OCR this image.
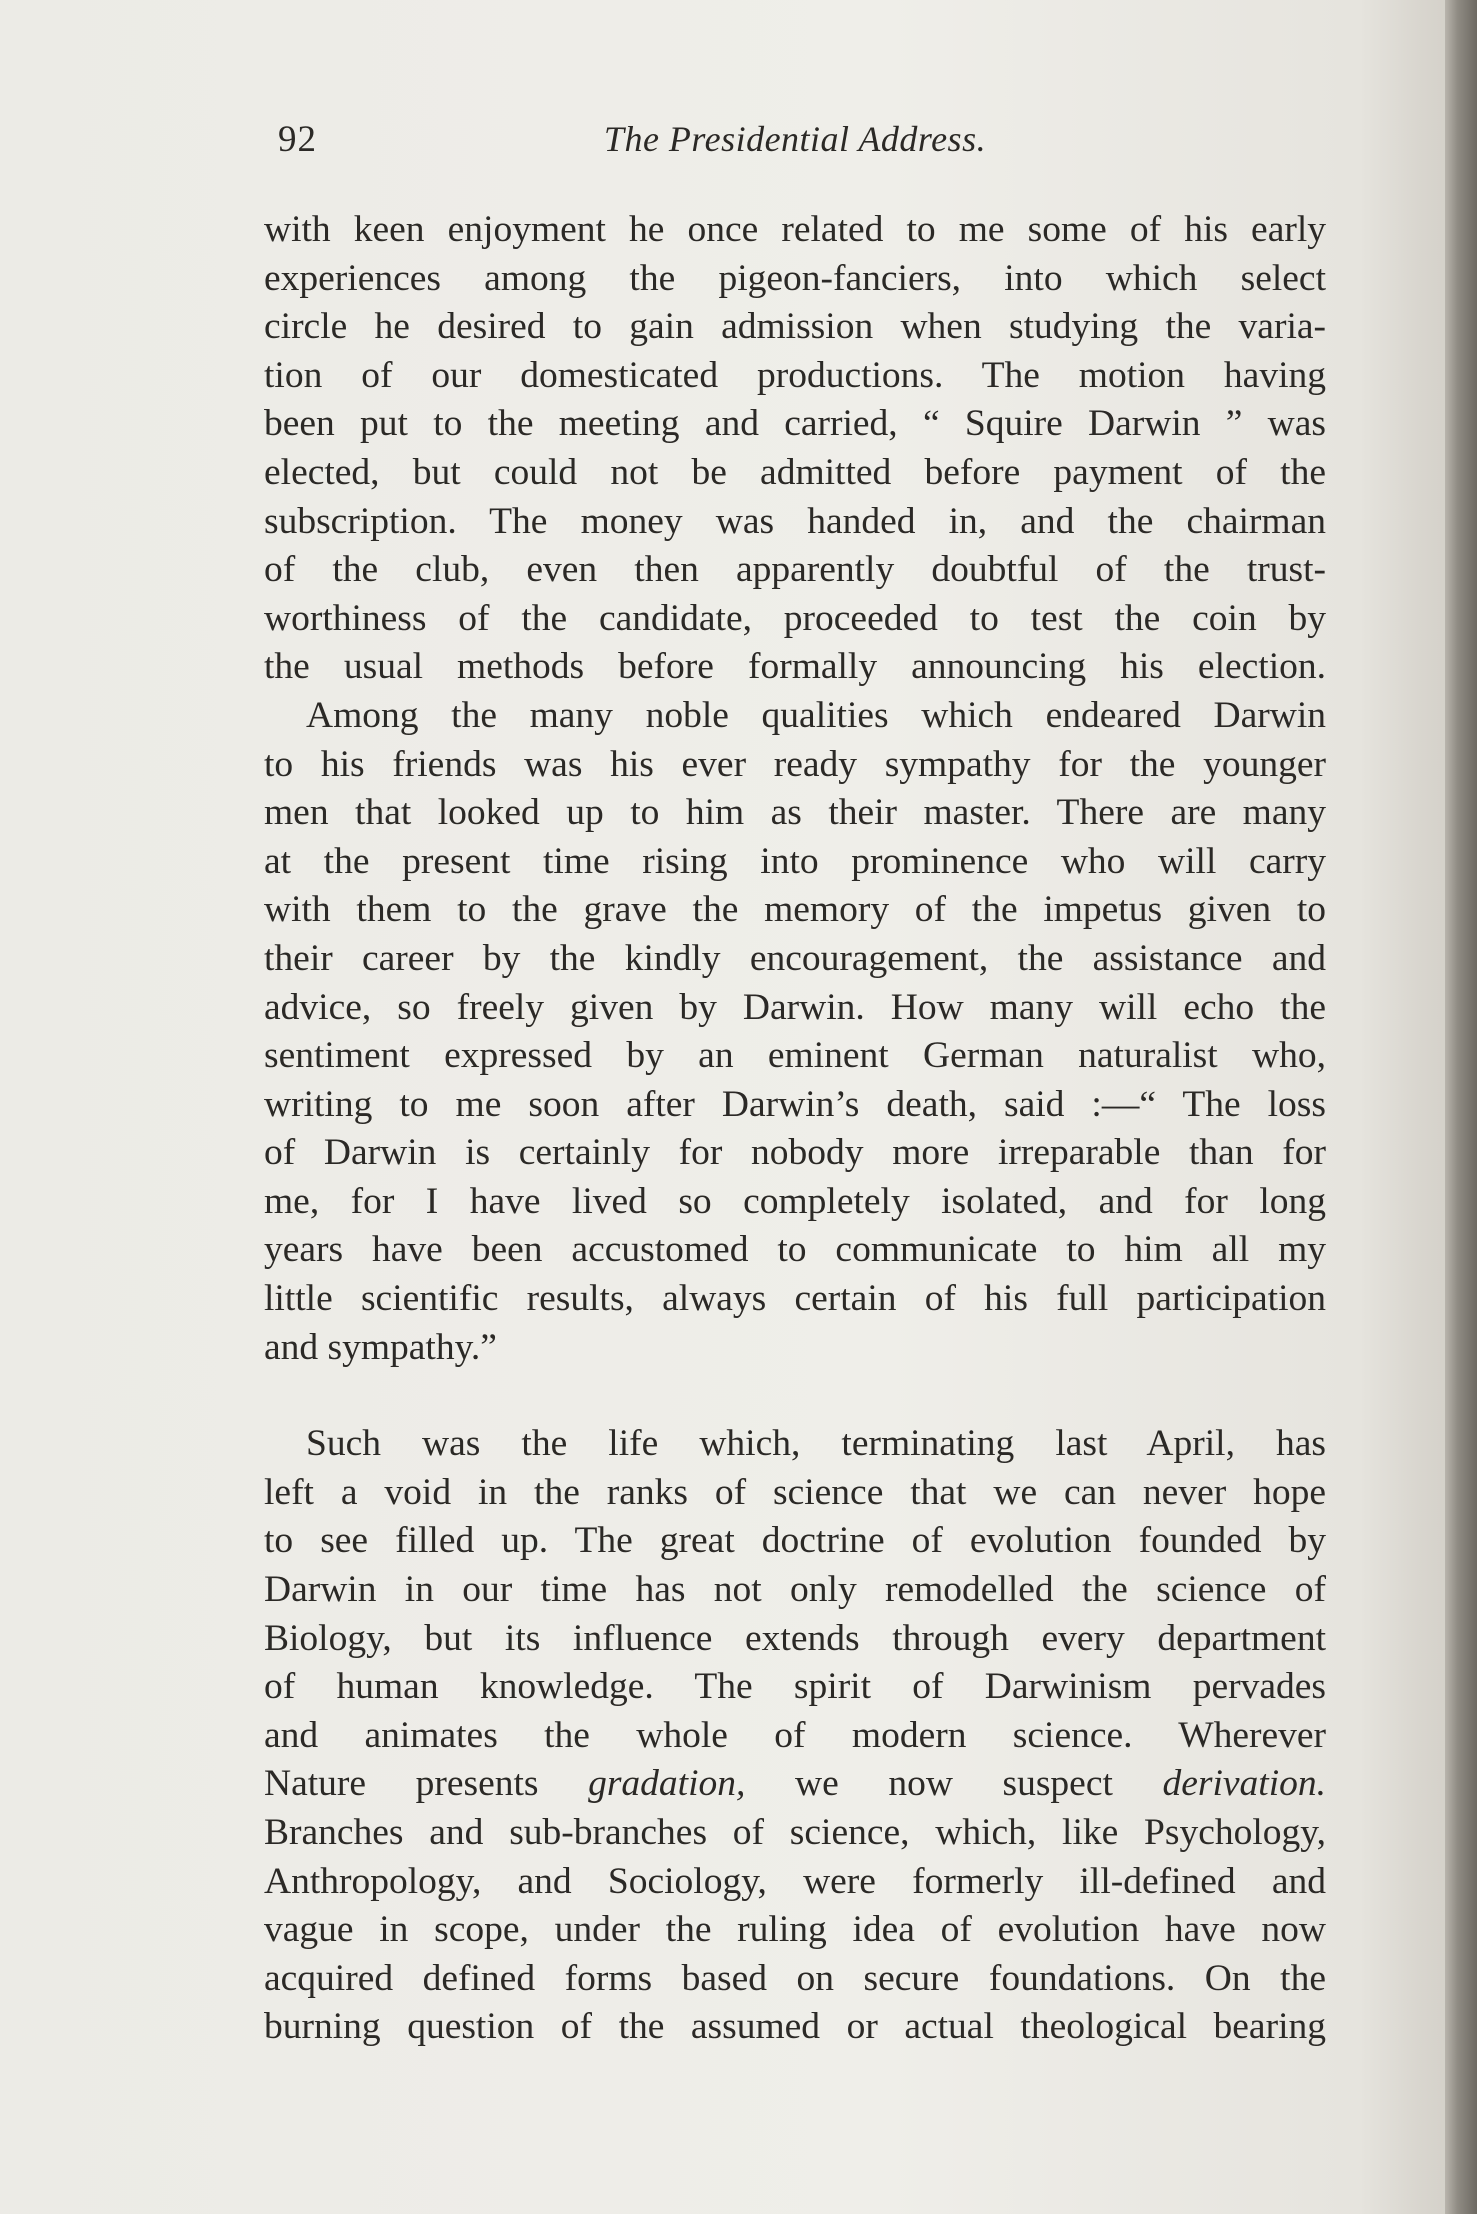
92	The Presidential Address.
with keen enjoyment he once related to me some of his early
experiences among the pigeon-fanciers, into which select
circle he desired to gain admission when studying the varia-
tion of our domesticated productions. The motion having
been put to the meeting and carried, “ Squire Darwin ” was
elected, but could not be admitted before payment of the
subscription. The money was handed in, and the chairman
of the club, even then apparently doubtful of the trust-
worthiness of the candidate, proceeded to test the coin by
the usual methods before formally announcing his election.
Among the many noble qualities which endeared Darwin
to his friends was his ever ready sympathy for the younger
men that looked up to him as their master. There are many
at the present time rising into prominence who will carry
with them to the grave the memory of the impetus given to
their career by the kindly encouragement, the assistance and
advice, so freely given by Darwin. How many will echo the
sentiment expressed by an eminent German naturalist who,
writing to me soon after Darwin’s death, said :—“ The loss
of Darwin is certainly for nobody more irreparable than for
me, for I have lived so completely isolated, and for long
years have been accustomed to communicate to him all my
little scientific results, always certain of his full participation
and sympathy.”
Such was the life which, terminating last April, has
left a void in the ranks of science that we can never hope
to see filled up. The great doctrine of evolution founded by
Darwin in our time has not only remodelled the science of
Biology, but its influence extends through every department
of human knowledge. The spirit of Darwinism pervades
and animates the whole of modern science. Wherever
Nature presents gradation, we now suspect derivation.
Branches and sub-branches of science, which, like Psychology,
Anthropology, and Sociology, were formerly ill-defined and
vague in scope, under the ruling idea of evolution have now
acquired defined forms based on secure foundations. On the
burning question of the assumed or actual theological bearing
